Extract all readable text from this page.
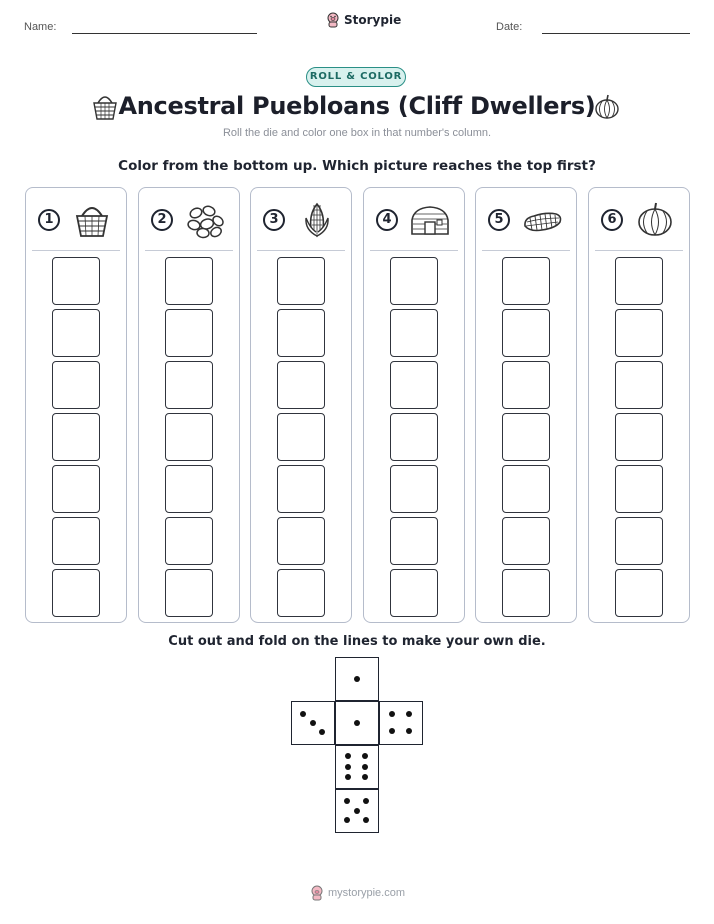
Name:	Storypie	Date:
ROLL & COLOR
Ancestral Puebloans (Cliff Dwellers)
Roll the die and color one box in that number's column.
Color from the bottom up. Which picture reaches the top first?
1	2	3	4	5	6
Cut out and fold on the lines to make your own die.
mystorypie.com
